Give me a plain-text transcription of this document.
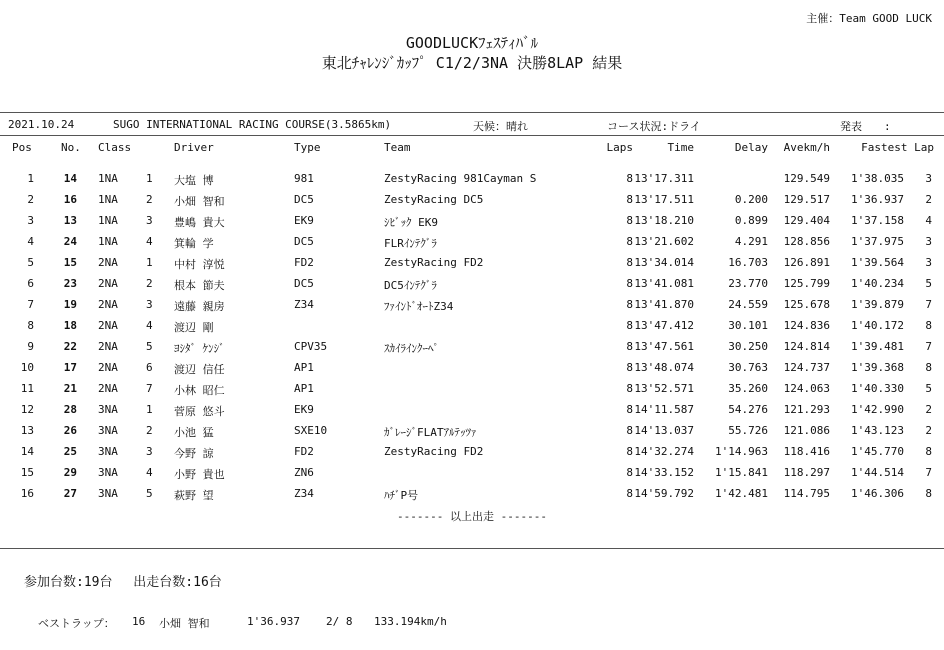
主催：Team GOOD LUCK
GOODLUCKﾌｪｽﾃｨﾊﾞﾙ
東北ﾁｬﾚﾝｼﾞｶｯﾌﾟ C1/2/3NA 決勝8LAP 結果
2021.10.24	SUGO INTERNATIONAL RACING COURSE(3.5865km)	天候：晴れ	コース状況:ドライ	発表　　:
Pos	No. Class	Driver	Type	Team	Laps	Time	Delay	Avekm/h	Fastest Lap
1	14 1NA	1 大塩 博	981	ZestyRacing 981Cayman S	8 13'17.311	129.549	1'38.035	3
2	16 1NA	2 小畑 智和	DC5	ZestyRacing DC5	8 13'17.511	0.200	129.517	1'36.937	2
3	13 1NA	3 豊嶋 貴大	EK9	ｼﾋﾞｯｸ EK9	8 13'18.210	0.899	129.404	1'37.158	4
4	24 1NA	4 箕輪 学	DC5	FLRｲﾝﾃｸﾞﾗ	8 13'21.602	4.291	128.856	1'37.975	3
5	15 2NA	1 中村 淳悦	FD2	ZestyRacing FD2	8 13'34.014	16.703	126.891	1'39.564	3
6	23 2NA	2 根本 節夫	DC5	DC5ｲﾝﾃｸﾞﾗ	8 13'41.081	23.770	125.799	1'40.234	5
7	19 2NA	3 遠藤 親房	Z34	ﾌｧｲﾝﾄﾞｵｰﾄZ34	8 13'41.870	24.559	125.678	1'39.879	7
8	18 2NA	4 渡辺 剛	8 13'47.412	30.101	124.836	1'40.172	8
9	22 2NA	5 ﾖｼﾀﾞ ｹﾝｼﾞ	CPV35	ｽｶｲﾗｲﾝｸｰﾍﾟ	8 13'47.561	30.250	124.814	1'39.481	7
10	17 2NA	6 渡辺 信任	AP1	8 13'48.074	30.763	124.737	1'39.368	8
11	21 2NA	7 小林 昭仁	AP1	8 13'52.571	35.260	124.063	1'40.330	5
12	28 3NA	1 菅原 悠斗	EK9	8 14'11.587	54.276	121.293	1'42.990	2
13	26 3NA	2 小池 猛	SXE10	ｶﾞﾚｰｼﾞFLATｱﾙﾃｯﾂｧ	8 14'13.037	55.726	121.086	1'43.123	2
14	25 3NA	3 今野 諒	FD2	ZestyRacing FD2	8 14'32.274	1'14.963	118.416	1'45.770	8
15	29 3NA	4 小野 貴也	ZN6	8 14'33.152	1'15.841	118.297	1'44.514	7
16	27 3NA	5 萩野 望	Z34	ﾊﾁﾞP号	8 14'59.792	1'42.481	114.795	1'46.306	8
------- 以上出走 -------
参加台数:19台　 出走台数:16台
ベストラップ： 16 小畑 智和	1'36.937 2/ 8 133.194km/h
